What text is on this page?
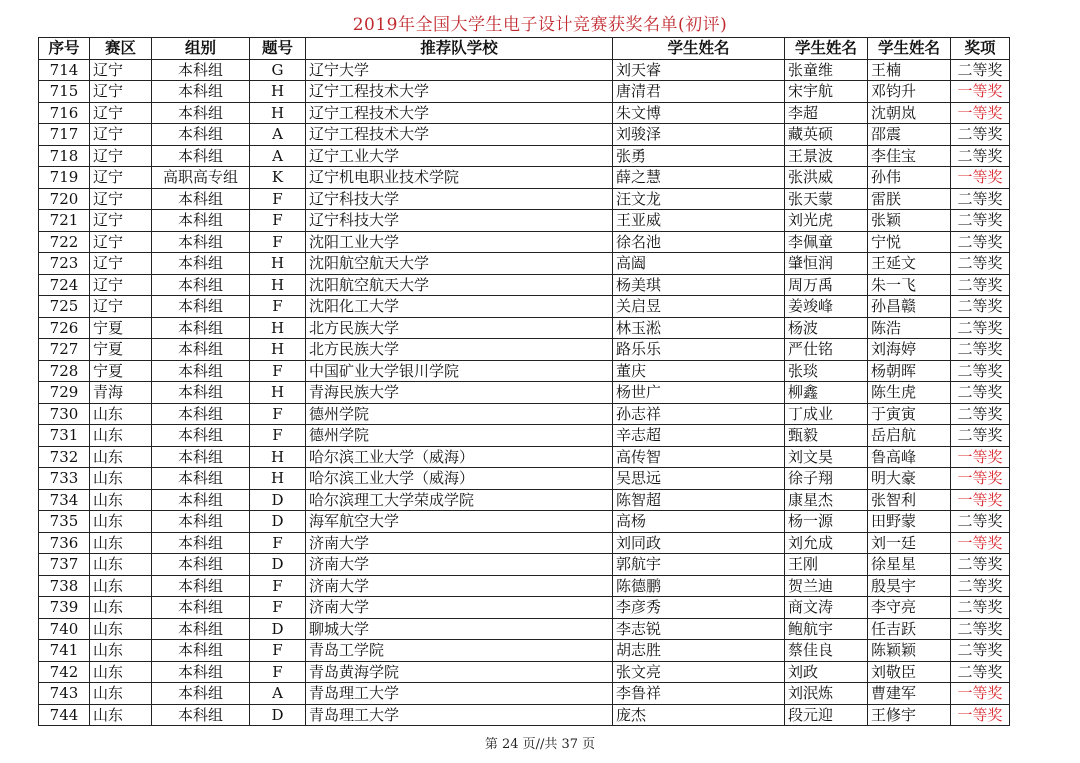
2019年全国大学生电子设计竞赛获奖名单(初评)
序号	赛区	组别	题号	推荐队学校	学生姓名	学生姓名	学生姓名	奖项
714	辽宁	本科组	G	辽宁大学	刘天睿	张童维	王楠	二等奖
715	辽宁	本科组	H	辽宁工程技术大学	唐清君	宋宇航	邓钧升	一等奖
716	辽宁	本科组	H	辽宁工程技术大学	朱文博	李超	沈朝岚	一等奖
717	辽宁	本科组	A	辽宁工程技术大学	刘骏泽	藏英硕	邵震	二等奖
718	辽宁	本科组	A	辽宁工业大学	张勇	王景波	李佳宝	二等奖
719	辽宁	高职高专组	K	辽宁机电职业技术学院	薛之慧	张洪威	孙伟	一等奖
720	辽宁	本科组	F	辽宁科技大学	汪文龙	张天蒙	雷朕	二等奖
721	辽宁	本科组	F	辽宁科技大学	王亚威	刘光虎	张颖	二等奖
722	辽宁	本科组	F	沈阳工业大学	徐名池	李佩童	宁悦	二等奖
723	辽宁	本科组	H	沈阳航空航天大学	高阖	肇恒润	王延文	二等奖
724	辽宁	本科组	H	沈阳航空航天大学	杨美琪	周万禹	朱一飞	二等奖
725	辽宁	本科组	F	沈阳化工大学	关启昱	姜竣峰	孙昌赣	二等奖
726	宁夏	本科组	H	北方民族大学	林玉淞	杨波	陈浩	二等奖
727	宁夏	本科组	H	北方民族大学	路乐乐	严仕铭	刘海婷	二等奖
728	宁夏	本科组	F	中国矿业大学银川学院	董庆	张琰	杨朝晖	二等奖
729	青海	本科组	H	青海民族大学	杨世广	柳鑫	陈生虎	二等奖
730	山东	本科组	F	德州学院	孙志祥	丁成业	于寅寅	二等奖
731	山东	本科组	F	德州学院	辛志超	甄毅	岳启航	二等奖
732	山东	本科组	H	哈尔滨工业大学（威海）	高传智	刘文昊	鲁高峰	一等奖
733	山东	本科组	H	哈尔滨工业大学（威海）	吴思远	徐子翔	明大豪	一等奖
734	山东	本科组	D	哈尔滨理工大学荣成学院	陈智超	康星杰	张智利	一等奖
735	山东	本科组	D	海军航空大学	高杨	杨一源	田野蒙	二等奖
736	山东	本科组	F	济南大学	刘同政	刘允成	刘一廷	一等奖
737	山东	本科组	D	济南大学	郭航宇	王刚	徐星星	二等奖
738	山东	本科组	F	济南大学	陈德鹏	贺兰迪	殷昊宇	二等奖
739	山东	本科组	F	济南大学	李彦秀	商文涛	李守亮	二等奖
740	山东	本科组	D	聊城大学	李志锐	鲍航宇	任吉跃	二等奖
741	山东	本科组	F	青岛工学院	胡志胜	蔡佳良	陈颖颖	二等奖
742	山东	本科组	F	青岛黄海学院	张文亮	刘政	刘敬臣	二等奖
743	山东	本科组	A	青岛理工大学	李鲁祥	刘泯炼	曹建军	一等奖
744	山东	本科组	D	青岛理工大学	庞杰	段元迎	王修宇	一等奖
第 24 页//共 37 页
